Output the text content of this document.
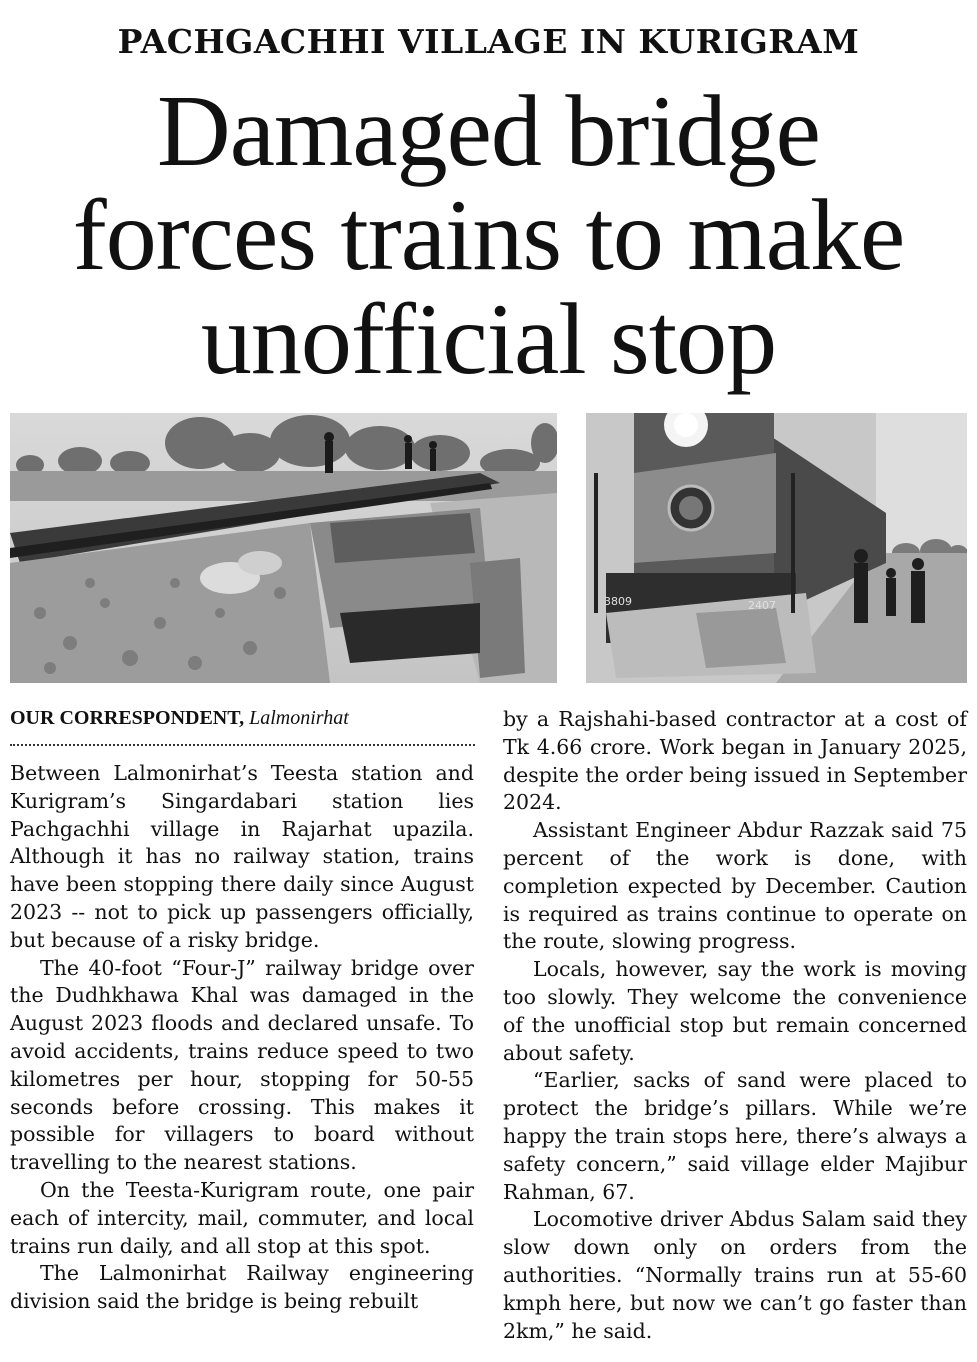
PACHGACHHI VILLAGE IN KURIGRAM
Damaged bridge
forces trains to make
unofficial stop
3809	2407
OUR CORRESPONDENT, Lalmonirhat

Between Lalmonirhat’s Teesta station and Kurigram’s Singardabari station lies Pachgachhi village in Rajarhat upazila. Although it has no railway station, trains have been stopping there daily since August 2023 -- not to pick up passengers officially, but because of a risky bridge.

The 40-foot “Four-J” railway bridge over the Dudhkhawa Khal was damaged in the August 2023 floods and declared unsafe. To avoid accidents, trains reduce speed to two kilometres per hour, stopping for 50-55 seconds before crossing. This makes it possible for villagers to board without travelling to the nearest stations.

On the Teesta-Kurigram route, one pair each of intercity, mail, commuter, and local trains run daily, and all stop at this spot.

The Lalmonirhat Railway engineering division said the bridge is being rebuilt

by a Rajshahi-based contractor at a cost of Tk 4.66 crore. Work began in January 2025, despite the order being issued in September 2024.

Assistant Engineer Abdur Razzak said 75 percent of the work is done, with completion expected by December. Caution is required as trains continue to operate on the route, slowing progress.

Locals, however, say the work is moving too slowly. They welcome the convenience of the unofficial stop but remain concerned about safety.

“Earlier, sacks of sand were placed to protect the bridge’s pillars. While we’re happy the train stops here, there’s always a safety concern,” said village elder Majibur Rahman, 67.

Locomotive driver Abdus Salam said they slow down only on orders from the authorities. “Normally trains run at 55-60 kmph here, but now we can’t go faster than 2km,” he said.
